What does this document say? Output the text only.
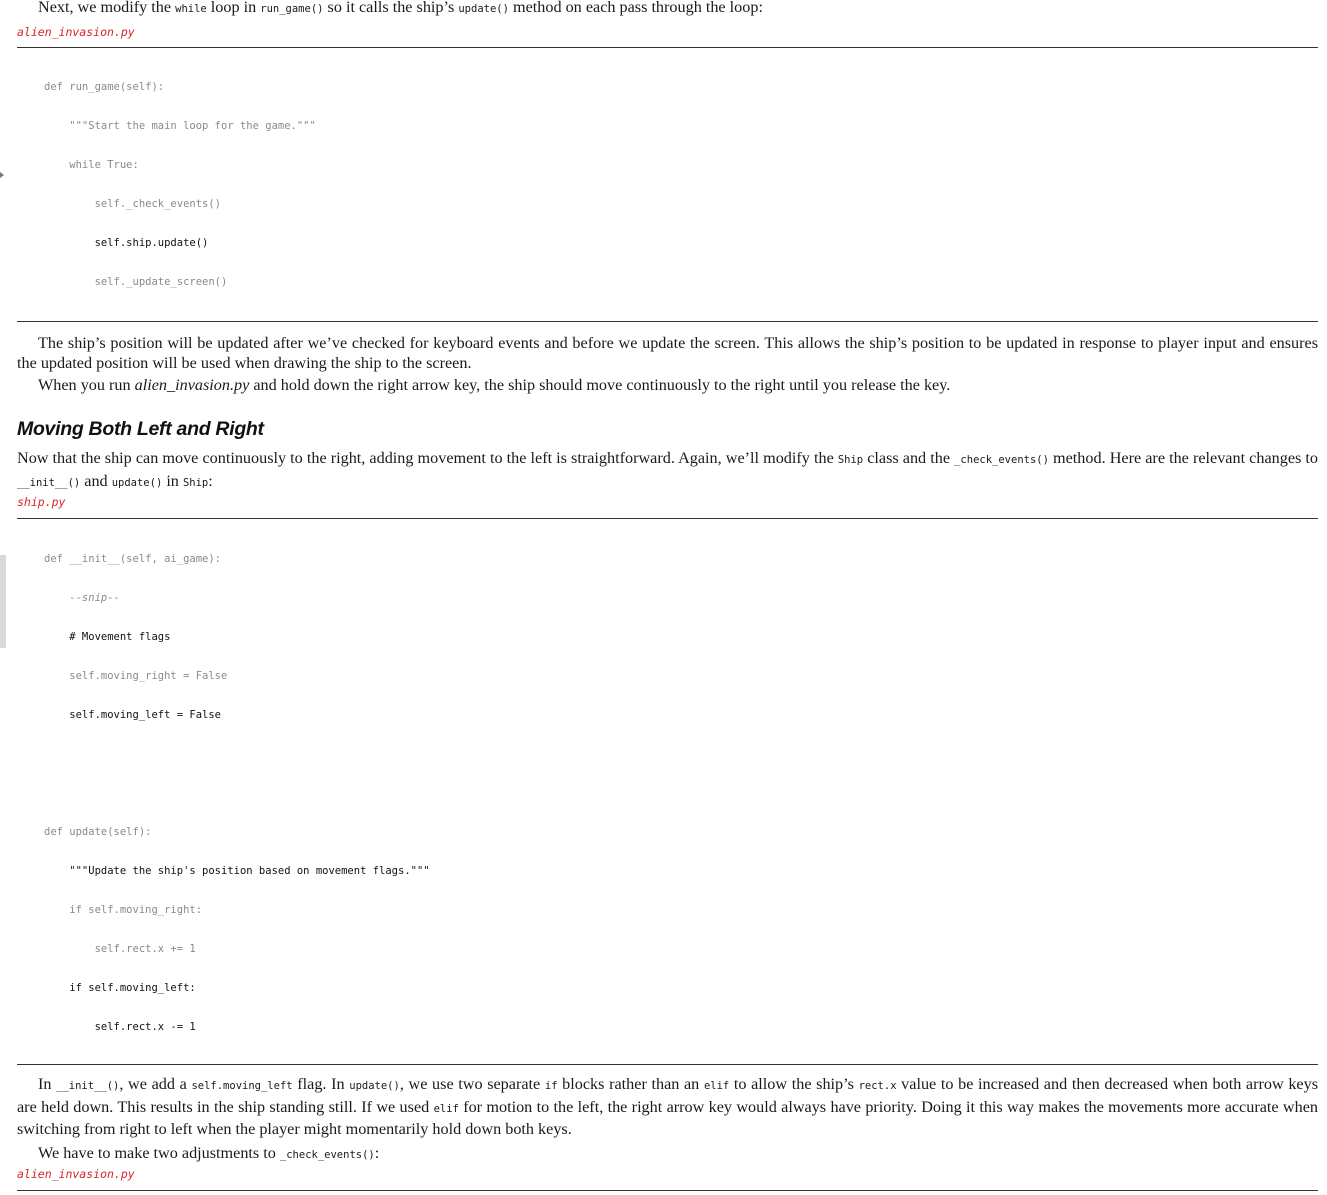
Next, we modify the while loop in run_game() so it calls the ship’s update() method on each pass through the loop:

alien_invasion.py

def run_game(self):

"""Start the main loop for the game."""

while True:

self._check_events()

self.ship.update()

self._update_screen()

The ship’s position will be updated after we’ve checked for keyboard events and before we update the screen. This allows the ship’s position to be updated in response to player input and ensures the updated position will be used when drawing the ship to the screen.

When you run alien_invasion.py and hold down the right arrow key, the ship should move continuously to the right until you release the key.

Moving Both Left and Right

Now that the ship can move continuously to the right, adding movement to the left is straightforward. Again, we’ll modify the Ship class and the _check_events() method. Here are the relevant changes to __init__() and update() in Ship:

ship.py

def __init__(self, ai_game):

--snip--

# Movement flags

self.moving_right = False

self.moving_left = False

def update(self):

"""Update the ship's position based on movement flags."""

if self.moving_right:

self.rect.x += 1

if self.moving_left:

self.rect.x -= 1

In __init__(), we add a self.moving_left flag. In update(), we use two separate if blocks rather than an elif to allow the ship’s rect.x value to be increased and then decreased when both arrow keys are held down. This results in the ship standing still. If we used elif for motion to the left, the right arrow key would always have priority. Doing it this way makes the movements more accurate when switching from right to left when the player might momentarily hold down both keys.

We have to make two adjustments to _check_events():

alien_invasion.py
